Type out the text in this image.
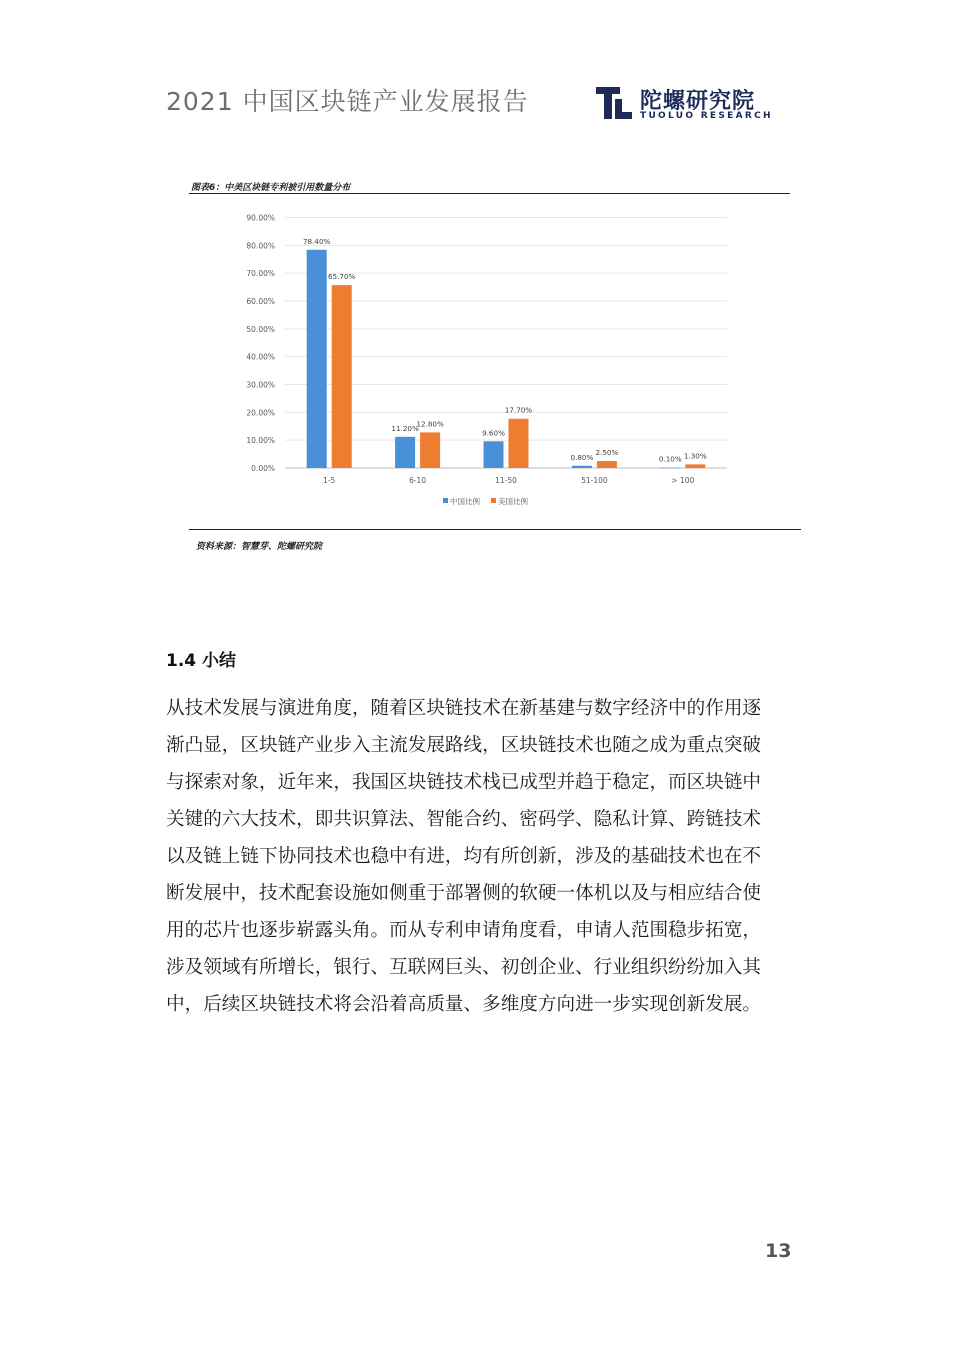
2021 中国区块链产业发展报告	陀螺研究院
TUOLUO RESEARCH
图表6：中美区块链专利被引用数量分布
0.00%
10.00%
20.00%
30.00%
40.00%
50.00%
60.00%
70.00%
80.00%
90.00%
78.40%
65.70%
1-5
11.20%
12.80%
6-10
9.60%
17.70%
11-50
0.80%
2.50%
51-100
0.10% 1.30%
> 100
中国比例 美国比例
资料来源：智慧芽、陀螺研究院
1.4 小结
从技术发展与演进角度，随着区块链技术在新基建与数字经济中的作用逐
渐凸显，区块链产业步入主流发展路线，区块链技术也随之成为重点突破
与探索对象，近年来，我国区块链技术栈已成型并趋于稳定，而区块链中
关键的六大技术，即共识算法、智能合约、密码学、隐私计算、跨链技术
以及链上链下协同技术也稳中有进，均有所创新，涉及的基础技术也在不
断发展中，技术配套设施如侧重于部署侧的软硬一体机以及与相应结合使
用的芯片也逐步崭露头角。而从专利申请角度看，申请人范围稳步拓宽，
涉及领域有所增长，银行、互联网巨头、初创企业、行业组织纷纷加入其
中，后续区块链技术将会沿着高质量、多维度方向进一步实现创新发展。
13
